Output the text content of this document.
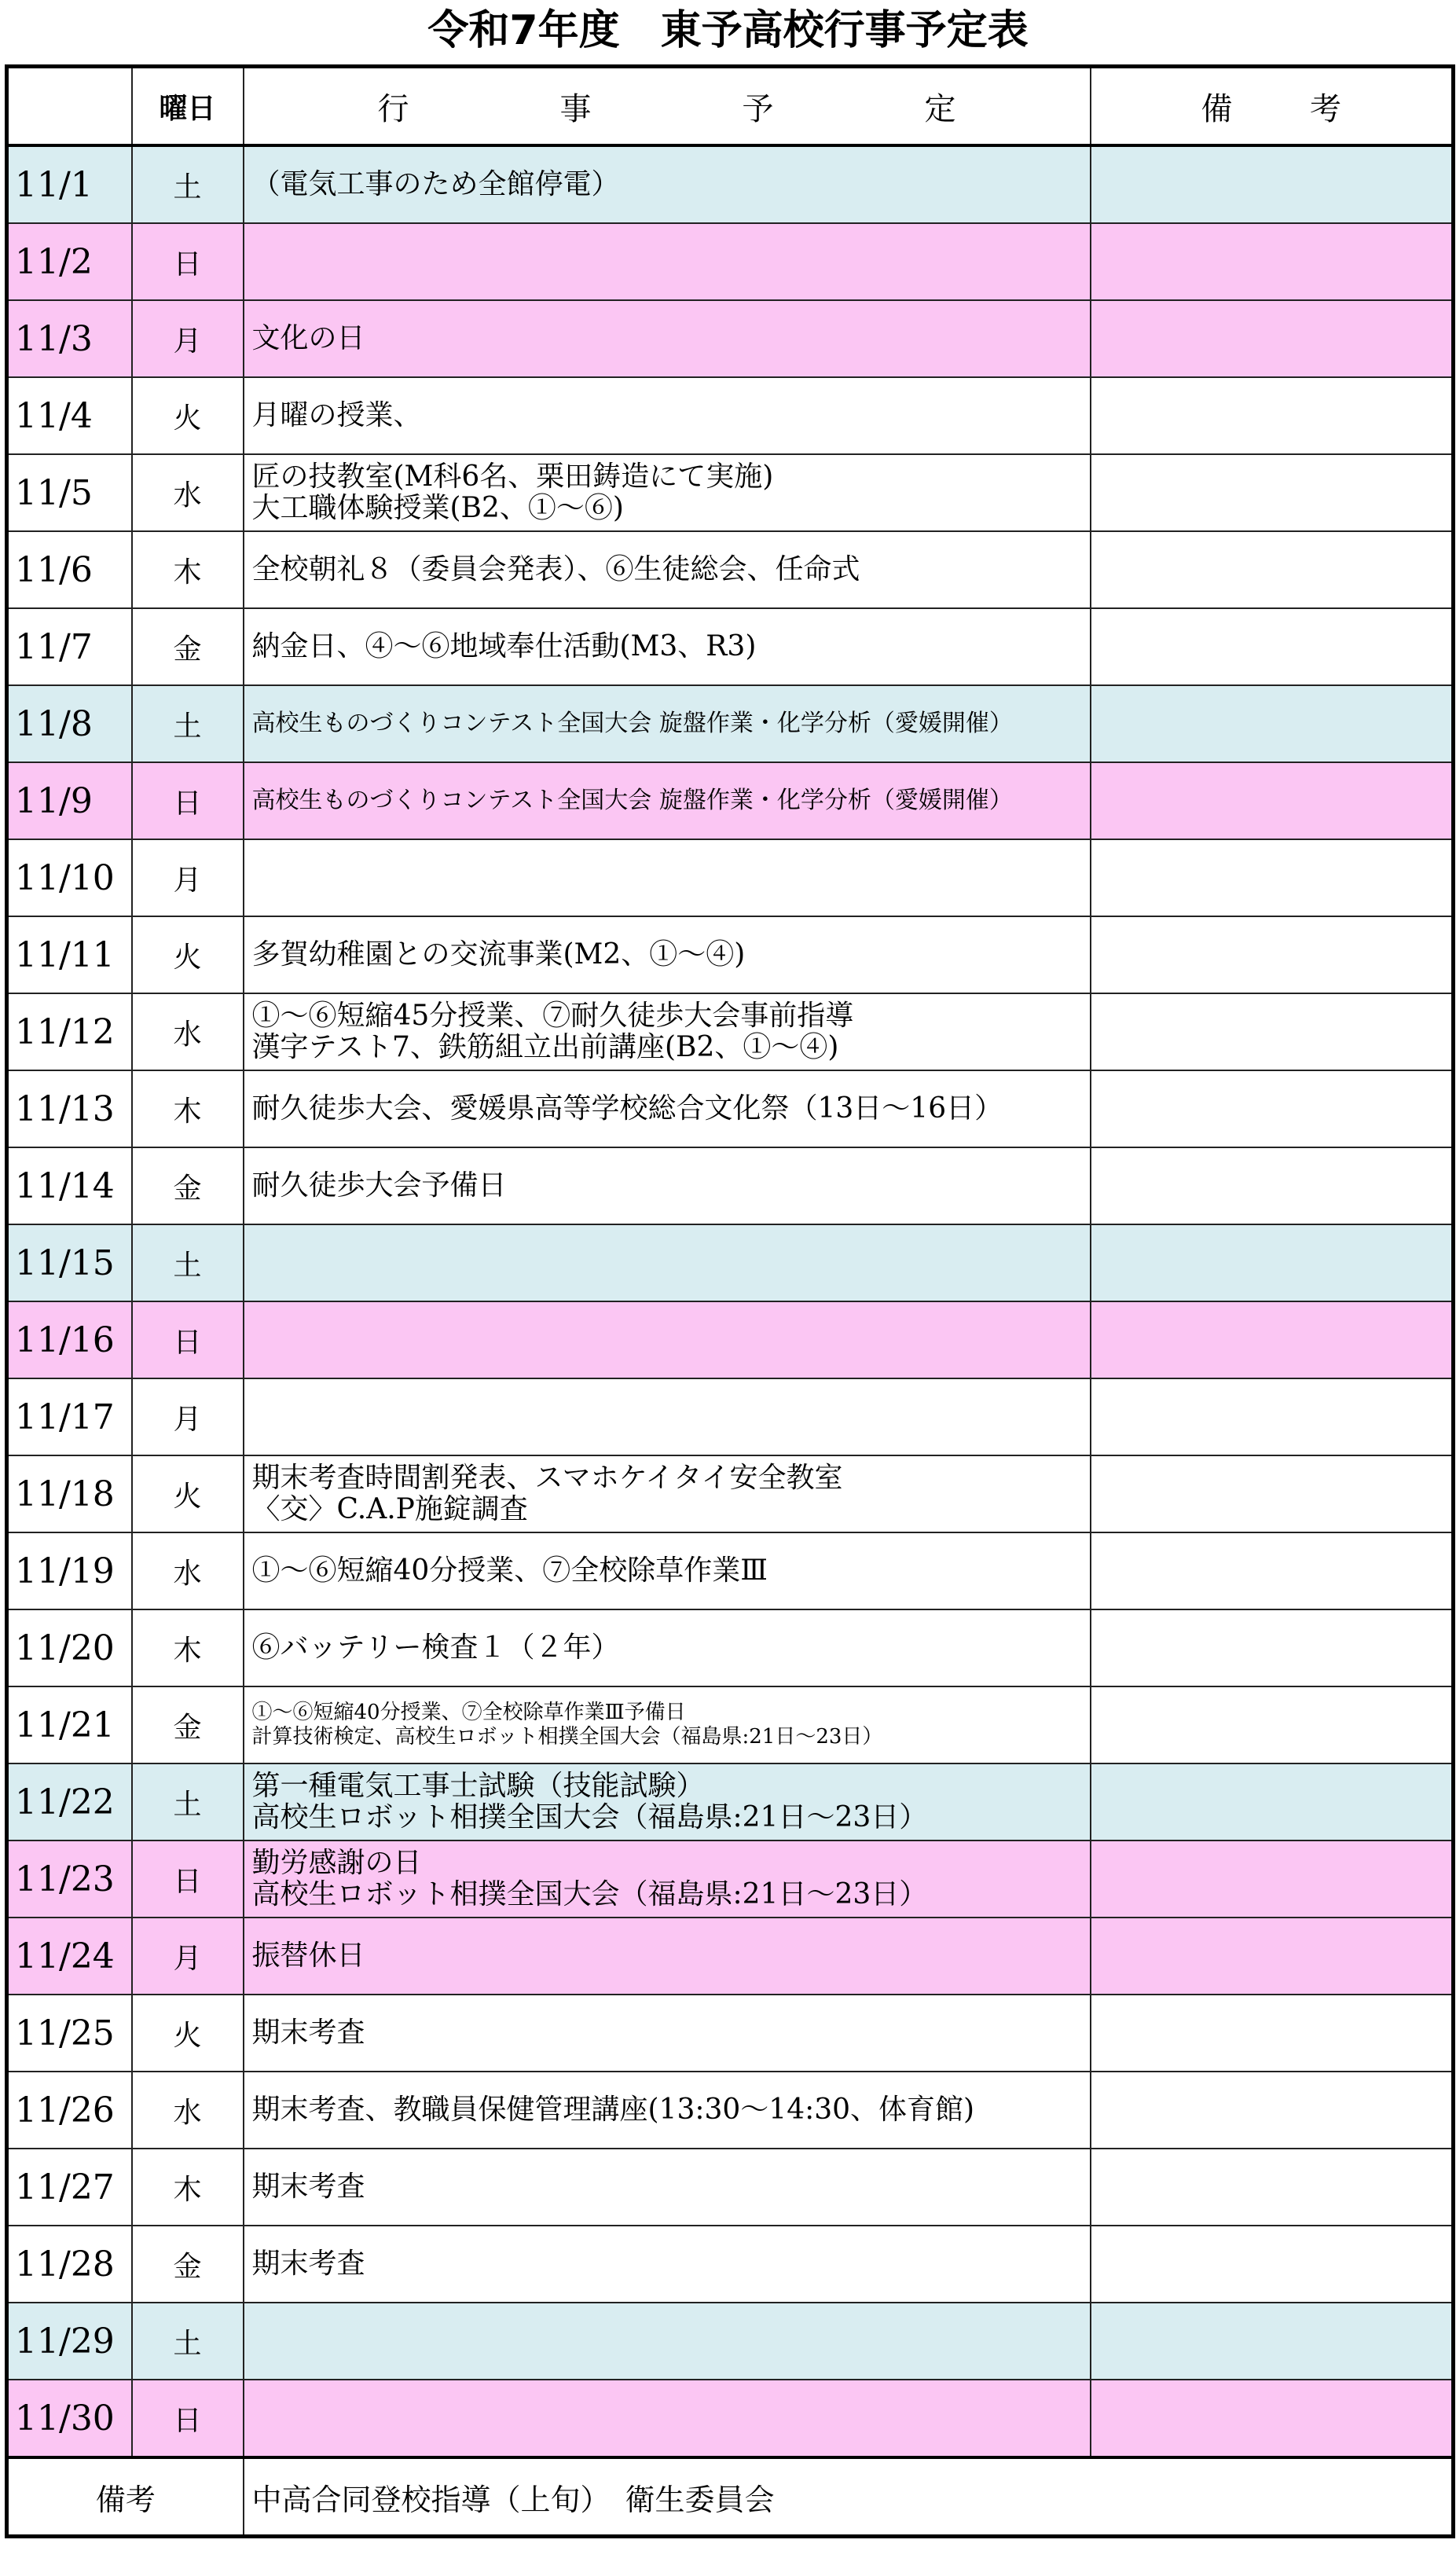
令和7年度　東予高校行事予定表
	曜日	行 事 予 定	備 考

11/1	土	（電気工事のため全館停電）	

11/2	日		
11/3	月	文化の日	

11/4	火	月曜の授業、	

11/5	水	匠の技教室(M科6名、栗田鋳造にて実施)
大工職体験授業(B2、①～⑥)	

11/6	木	全校朝礼８（委員会発表）、⑥生徒総会、任命式	

11/7	金	納金日、④～⑥地域奉仕活動(M3、R3)	

11/8	土	高校生ものづくりコンテスト全国大会 旋盤作業・化学分析（愛媛開催）	

11/9	日	高校生ものづくりコンテスト全国大会 旋盤作業・化学分析（愛媛開催）	

11/10	月		
11/11	火	多賀幼稚園との交流事業(M2、①～④)	

11/12	水	①～⑥短縮45分授業、⑦耐久徒歩大会事前指導
漢字テスト7、鉄筋組立出前講座(B2、①～④)	

11/13	木	耐久徒歩大会、愛媛県高等学校総合文化祭（13日～16日）	

11/14	金	耐久徒歩大会予備日	

11/15	土		
11/16	日		
11/17	月		
11/18	火	期末考査時間割発表、スマホケイタイ安全教室
〈交〉C.A.P施錠調査	

11/19	水	①～⑥短縮40分授業、⑦全校除草作業Ⅲ	

11/20	木	⑥バッテリー検査１（２年）	

11/21	金	①～⑥短縮40分授業、⑦全校除草作業Ⅲ予備日
計算技術検定、高校生ロボット相撲全国大会（福島県:21日～23日）	

11/22	土	第一種電気工事士試験（技能試験）
高校生ロボット相撲全国大会（福島県:21日～23日）	

11/23	日	勤労感謝の日
高校生ロボット相撲全国大会（福島県:21日～23日）	

11/24	月	振替休日	

11/25	火	期末考査	

11/26	水	期末考査、教職員保健管理講座(13:30～14:30、体育館)	

11/27	木	期末考査	

11/28	金	期末考査	

11/29	土		
11/30	日		
備考		中高合同登校指導（上旬）　衛生委員会	
